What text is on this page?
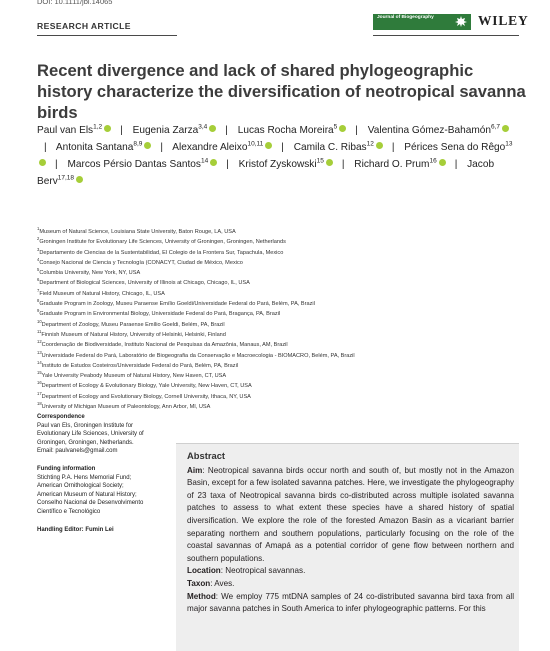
DOI: 10.1111/jbi.14065
RESEARCH ARTICLE
Journal of Biogeography	WILEY
Recent divergence and lack of shared phylogeographic history characterize the diversification of neotropical savanna birds
Paul van Els$^{1,2}$ | Eugenia Zarza$^{3,4}$ | Lucas Rocha Moreira$^5$ | Valentina Gómez-Bahamón$^{6,7}$| Antonita Santana$^{8,9}$ | Alexandre Aleixo$^{10,11}$ | Camila C. Ribas$^{12}$ | Périces Sena do Rêgo$^{13}$| Marcos Pérsio Dantas Santos$^{14}$ | Kristof Zyskowski$^{15}$ | Richard O. Prum$^{16}$ | Jacob Berv$^{17,18}$
$^1$Museum of Natural Science, Louisiana State University, Baton Rouge, LA, USA
$^2$Groningen Institute for Evolutionary Life Sciences, University of Groningen, Groningen, Netherlands
$^3$Departamento de Ciencias de la Sustentabilidad, El Colegio de la Frontera Sur, Tapachula, Mexico
$^4$Consejo Nacional de Ciencia y Tecnología (CONACYT, Ciudad de México, Mexico
$^5$Columbia University, New York, NY, USA
$^6$Department of Biological Sciences, University of Illinois at Chicago, Chicago, IL, USA
$^7$Field Museum of Natural History, Chicago, IL, USA
$^8$Graduate Program in Zoology, Museu Paraense Emílio Goeldi/Universidade Federal do Pará, Belém, PA, Brazil
$^9$Graduate Program in Environmental Biology, Universidade Federal do Pará, Bragança, PA, Brazil
$^{10}$Department of Zoology, Museu Paraense Emílio Goeldi, Belém, PA, Brazil
$^{11}$Finnish Museum of Natural History, University of Helsinki, Helsinki, Finland
$^{12}$Coordenação de Biodiversidade, Instituto Nacional de Pesquisas da Amazônia, Manaus, AM, Brazil
$^{13}$Universidade Federal do Pará, Laboratório de Biogeografia da Conservação e Macroecologia - BIOMACRO, Belém, PA, Brazil
$^{14}$Instituto de Estudos Costeiros/Universidade Federal do Pará, Belém, PA, Brazil
$^{15}$Yale University Peabody Museum of Natural History, New Haven, CT, USA
$^{16}$Department of Ecology & Evolutionary Biology, Yale University, New Haven, CT, USA
$^{17}$Department of Ecology and Evolutionary Biology, Cornell University, Ithaca, NY, USA
$^{18}$University of Michigan Museum of Paleontology, Ann Arbor, MI, USA
Correspondence
Paul van Els, Groningen Institute for
Evolutionary Life Sciences, University of
Groningen, Groningen, Netherlands.
Email: paulvanels@gmail.com
Funding information
Stichting P.A. Hens Memorial Fund;
American Ornithological Society;
American Museum of Natural History;
Conselho Nacional de Desenvolvimento
Científico e Tecnológico
Handling Editor: Fumin Lei
Abstract

Aim: Neotropical savanna birds occur north and south of, but mostly not in the Amazon Basin, except for a few isolated savanna patches. Here, we investigate the phylogeography of 23 taxa of Neotropical savanna birds co-distributed across multiple isolated savanna patches to assess to what extent these species have a shared history of spatial diversification. We explore the role of the forested Amazon Basin as a vicariant barrier separating northern and southern populations, particularly focusing on the role of the coastal savannas of Amapá as a potential corridor of gene flow between northern and southern populations.

Location: Neotropical savannas.

Taxon: Aves.

Method: We employ 775 mtDNA samples of 24 co-distributed savanna bird taxa from all major savanna patches in South America to infer phylogeographic patterns. For this
